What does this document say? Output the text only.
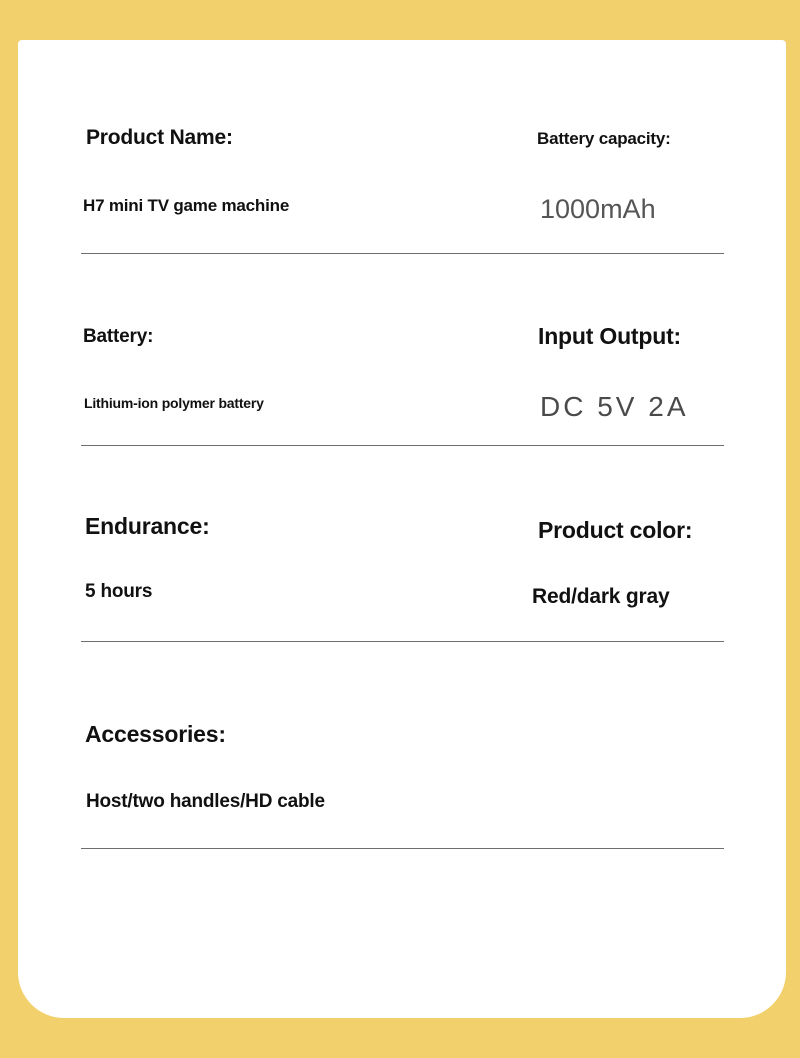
Product Name:
H7 mini TV game machine
Battery capacity:
1000mAh
Battery:
Lithium-ion polymer battery
Input Output:
DC 5V 2A
Endurance:
5 hours
Product color:
Red/dark gray
Accessories:
Host/two handles/HD cable
